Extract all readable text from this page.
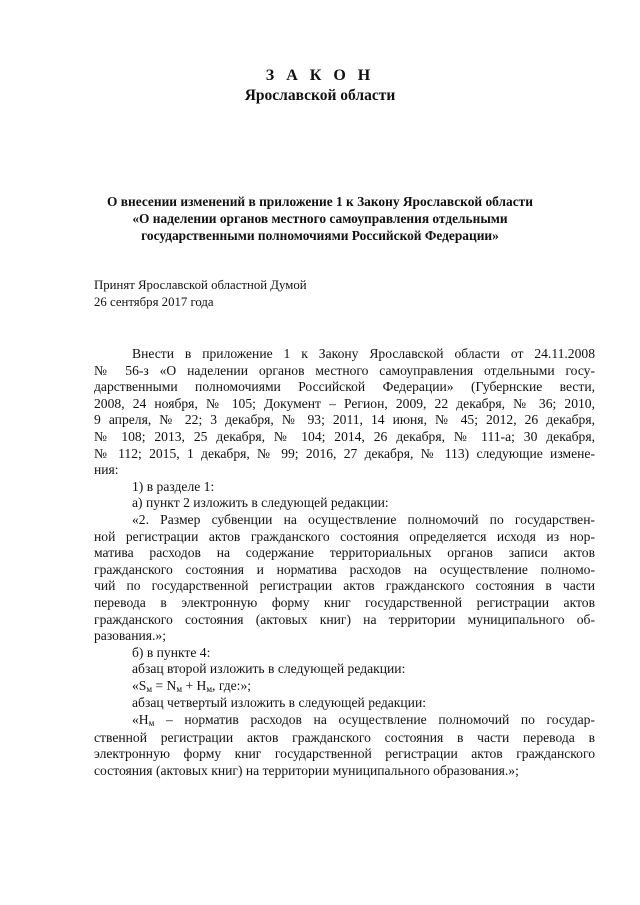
З А К О Н
Ярославской области
О внесении изменений в приложение 1 к Закону Ярославской области
«О наделении органов местного самоуправления отдельными
государственными полномочиями Российской Федерации»
Принят Ярославской областной Думой
26 сентября 2017 года

Внести в приложение 1 к Закону Ярославской области от 24.11.2008

№ 56-з «О наделении органов местного самоуправления отдельными госу-

дарственными полномочиями Российской Федерации» (Губернские вести,

2008, 24 ноября, № 105; Документ – Регион, 2009, 22 декабря, № 36; 2010,

9 апреля, № 22; 3 декабря, № 93; 2011, 14 июня, № 45; 2012, 26 декабря,

№ 108; 2013, 25 декабря, № 104; 2014, 26 декабря, № 111-а; 30 декабря,

№ 112; 2015, 1 декабря, № 99; 2016, 27 декабря, № 113) следующие измене-

ния:

1) в разделе 1:

а) пункт 2 изложить в следующей редакции:

«2. Размер субвенции на осуществление полномочий по государствен-

ной регистрации актов гражданского состояния определяется исходя из нор-

матива расходов на содержание территориальных органов записи актов

гражданского состояния и норматива расходов на осуществление полномо-

чий по государственной регистрации актов гражданского состояния в части

перевода в электронную форму книг государственной регистрации актов

гражданского состояния (актовых книг) на территории муниципального об-

разования.»;

б) в пункте 4:

абзац второй изложить в следующей редакции:

«$S_м = N_м + Н_м$, где:»;

абзац четвертый изложить в следующей редакции:

«$Н_м$ – норматив расходов на осуществление полномочий по государ-

ственной регистрации актов гражданского состояния в части перевода в

электронную форму книг государственной регистрации актов гражданского

состояния (актовых книг) на территории муниципального образования.»;
